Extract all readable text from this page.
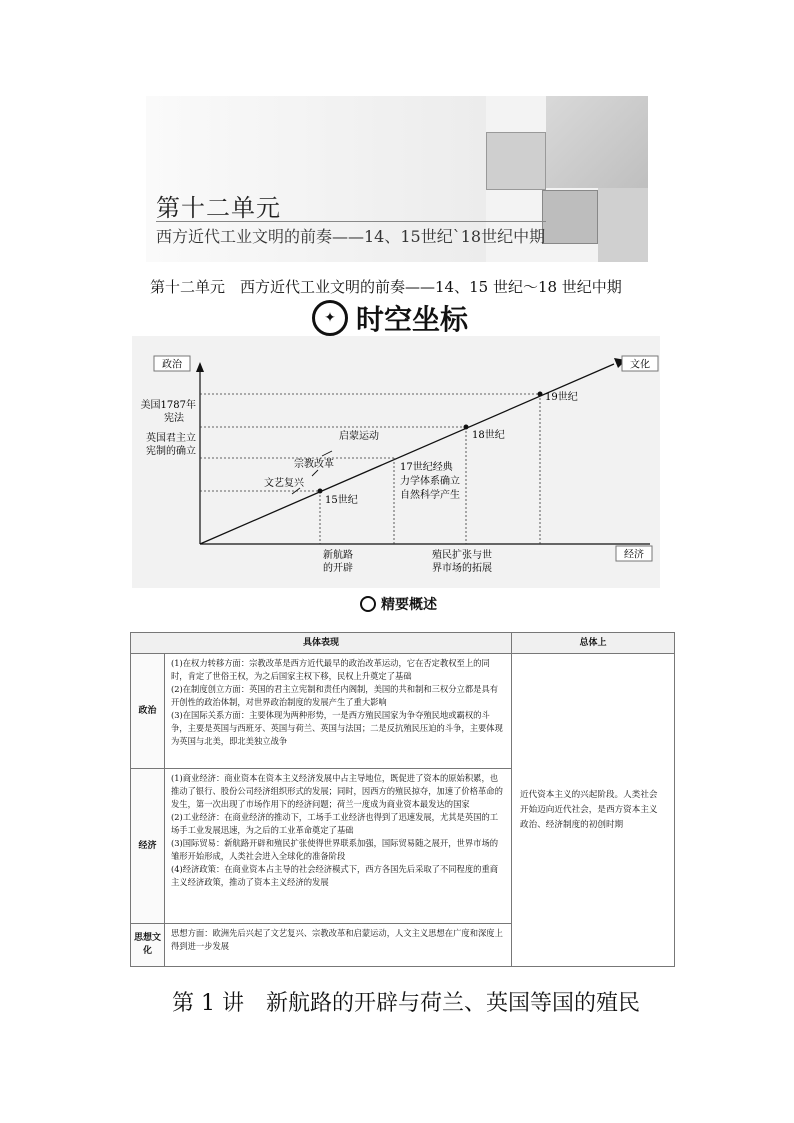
第十二单元
西方近代工业文明的前奏——14、15世纪`18世纪中期
第十二单元　西方近代工业文明的前奏——14、15 世纪～18 世纪中期
✦ 时空坐标
政治	文化
经济
美国1787年
宪法
英国君主立
宪制的确立
15世纪
18世纪
19世纪
文艺复兴
宗教改革
启蒙运动
17世纪经典
力学体系确立
自然科学产生
新航路
的开辟
殖民扩张与世
界市场的拓展
精要概述
具体表现		总体上
政治	(1)在权力转移方面：宗教改革是西方近代最早的政治改革运动，它在否定教权至上的同时，肯定了世俗王权，为之后国家主权下移，民权上升奠定了基础

(2)在制度创立方面：英国的君主立宪制和责任内阁制，美国的共和制和三权分立都是具有开创性的政治体制，对世界政治制度的发展产生了重大影响

(3)在国际关系方面：主要体现为两种形势，一是西方殖民国家为争夺殖民地或霸权的斗争，主要是英国与西班牙、英国与荷兰、英国与法国；二是反抗殖民压迫的斗争，主要体现为英国与北美，即北美独立战争	近代资本主义的兴起阶段。人类社会开始迈向近代社会，是西方资本主义政治、经济制度的初创时期
经济	(1)商业经济：商业资本在资本主义经济发展中占主导地位，既促进了资本的原始积累，也推动了银行、股份公司经济组织形式的发展；同时，因西方的殖民掠夺，加速了价格革命的发生，第一次出现了市场作用下的经济问题；荷兰一度成为商业资本最发达的国家

(2)工业经济：在商业经济的推动下，工场手工业经济也得到了迅速发展，尤其是英国的工场手工业发展迅速，为之后的工业革命奠定了基础

(3)国际贸易：新航路开辟和殖民扩张使得世界联系加强，国际贸易随之展开，世界市场的雏形开始形成，人类社会进入全球化的准备阶段

(4)经济政策：在商业资本占主导的社会经济模式下，西方各国先后采取了不同程度的重商主义经济政策，推动了资本主义经济的发展	

思想文化	思想方面：欧洲先后兴起了文艺复兴、宗教改革和启蒙运动，人文主义思想在广度和深度上得到进一步发展	

第 1 讲　新航路的开辟与荷兰、英国等国的殖民
